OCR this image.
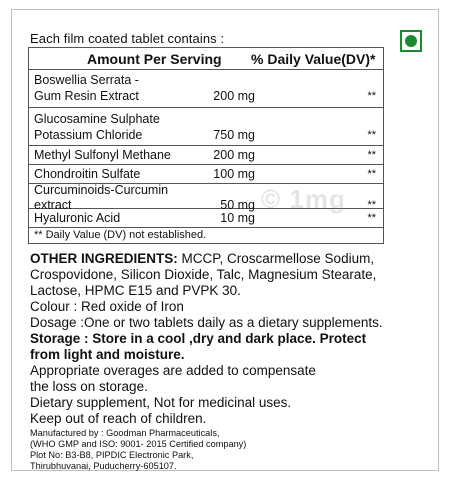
Each film coated tablet contains :
Amount Per Serving % Daily Value(DV)*
Boswellia Serrata -
Gum Resin Extract	200 mg	**
Glucosamine Sulphate
Potassium Chloride	750 mg	**
Methyl Sulfonyl Methane	200 mg	**
Chondroitin Sulfate	100 mg	**
Curcuminoids-Curcumin
extract	50 mg	**
Hyaluronic Acid	10 mg	**
** Daily Value (DV) not established.
© 1mg
OTHER INGREDIENTS: MCCP, Croscarmellose Sodium,
Crospovidone, Silicon Dioxide, Talc, Magnesium Stearate,
Lactose, HPMC E15 and PVPK 30.
Colour : Red oxide of Iron
Dosage :One or two tablets daily as a dietary supplements.
Storage : Store in a cool ,dry and dark place. Protect
from light and moisture.
Appropriate overages are added to compensate
the loss on storage.
Dietary supplement, Not for medicinal uses.
Keep out of reach of children.
Manufactured by : Goodman Pharmaceuticals,
(WHO GMP and ISO: 9001- 2015 Certified company)
Plot No: B3-B8, PIPDIC Electronic Park,
Thirubhuvanai, Puducherry-605107.
